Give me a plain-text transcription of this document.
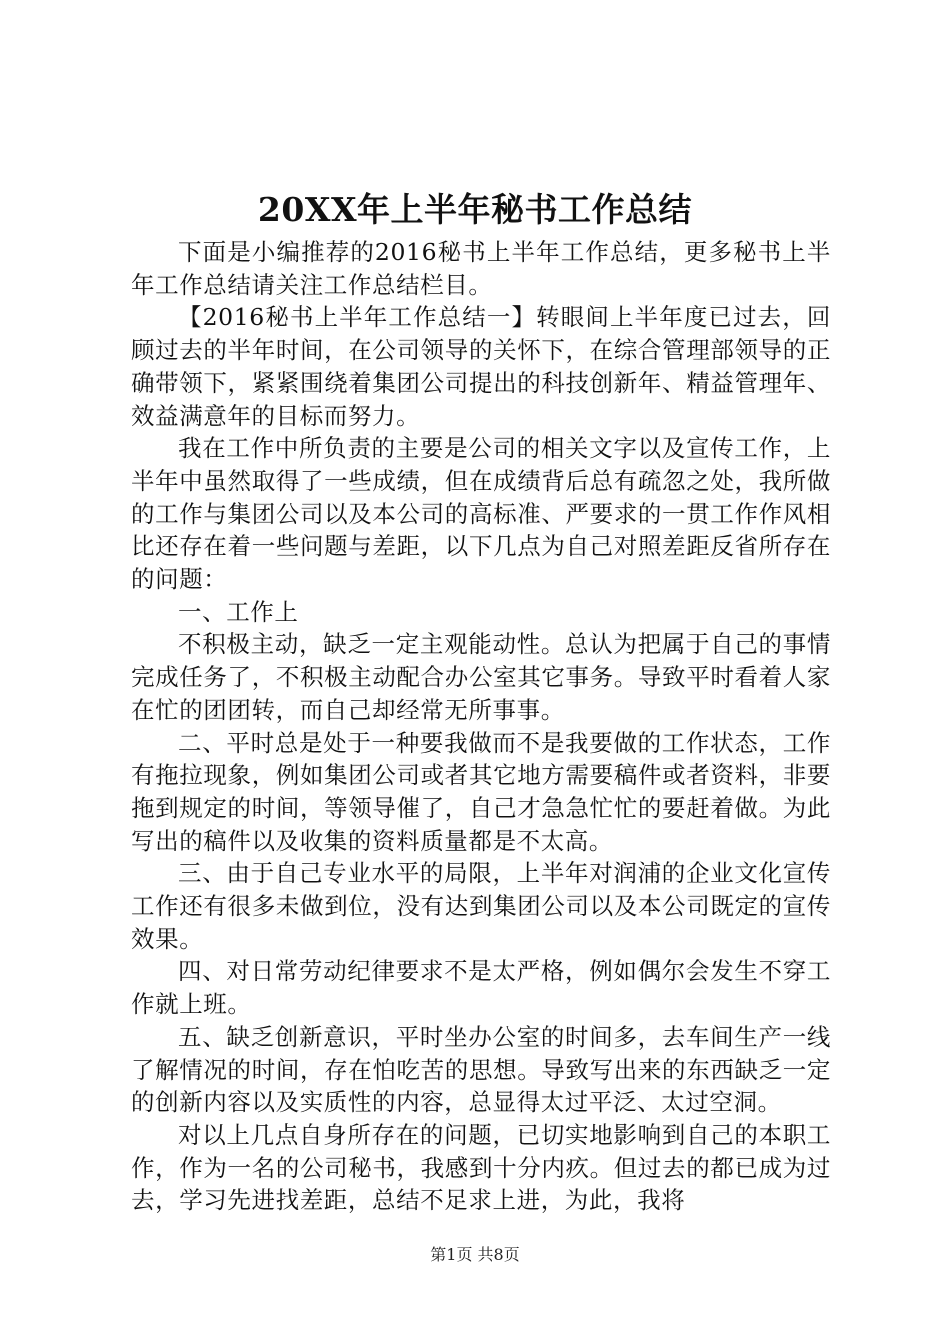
20XX年上半年秘书工作总结

下面是小编推荐的2016秘书上半年工作总结，更多秘书上半年工作总结请关注工作总结栏目。

【2016秘书上半年工作总结一】转眼间上半年度已过去，回顾过去的半年时间，在公司领导的关怀下，在综合管理部领导的正确带领下，紧紧围绕着集团公司提出的科技创新年、精益管理年、效益满意年的目标而努力。

我在工作中所负责的主要是公司的相关文字以及宣传工作，上半年中虽然取得了一些成绩，但在成绩背后总有疏忽之处，我所做的工作与集团公司以及本公司的高标准、严要求的一贯工作作风相比还存在着一些问题与差距，以下几点为自己对照差距反省所存在的问题：

一、工作上

不积极主动，缺乏一定主观能动性。总认为把属于自己的事情完成任务了，不积极主动配合办公室其它事务。导致平时看着人家在忙的团团转，而自己却经常无所事事。

二、平时总是处于一种要我做而不是我要做的工作状态，工作有拖拉现象，例如集团公司或者其它地方需要稿件或者资料，非要拖到规定的时间，等领导催了，自己才急急忙忙的要赶着做。为此写出的稿件以及收集的资料质量都是不太高。

三、由于自己专业水平的局限，上半年对润浦的企业文化宣传工作还有很多未做到位，没有达到集团公司以及本公司既定的宣传效果。

四、对日常劳动纪律要求不是太严格，例如偶尔会发生不穿工作就上班。

五、缺乏创新意识，平时坐办公室的时间多，去车间生产一线了解情况的时间，存在怕吃苦的思想。导致写出来的东西缺乏一定的创新内容以及实质性的内容，总显得太过平泛、太过空洞。

对以上几点自身所存在的问题，已切实地影响到自己的本职工作，作为一名的公司秘书，我感到十分内疚。但过去的都已成为过去，学习先进找差距，总结不足求上进，为此，我将

第1页 共8页
